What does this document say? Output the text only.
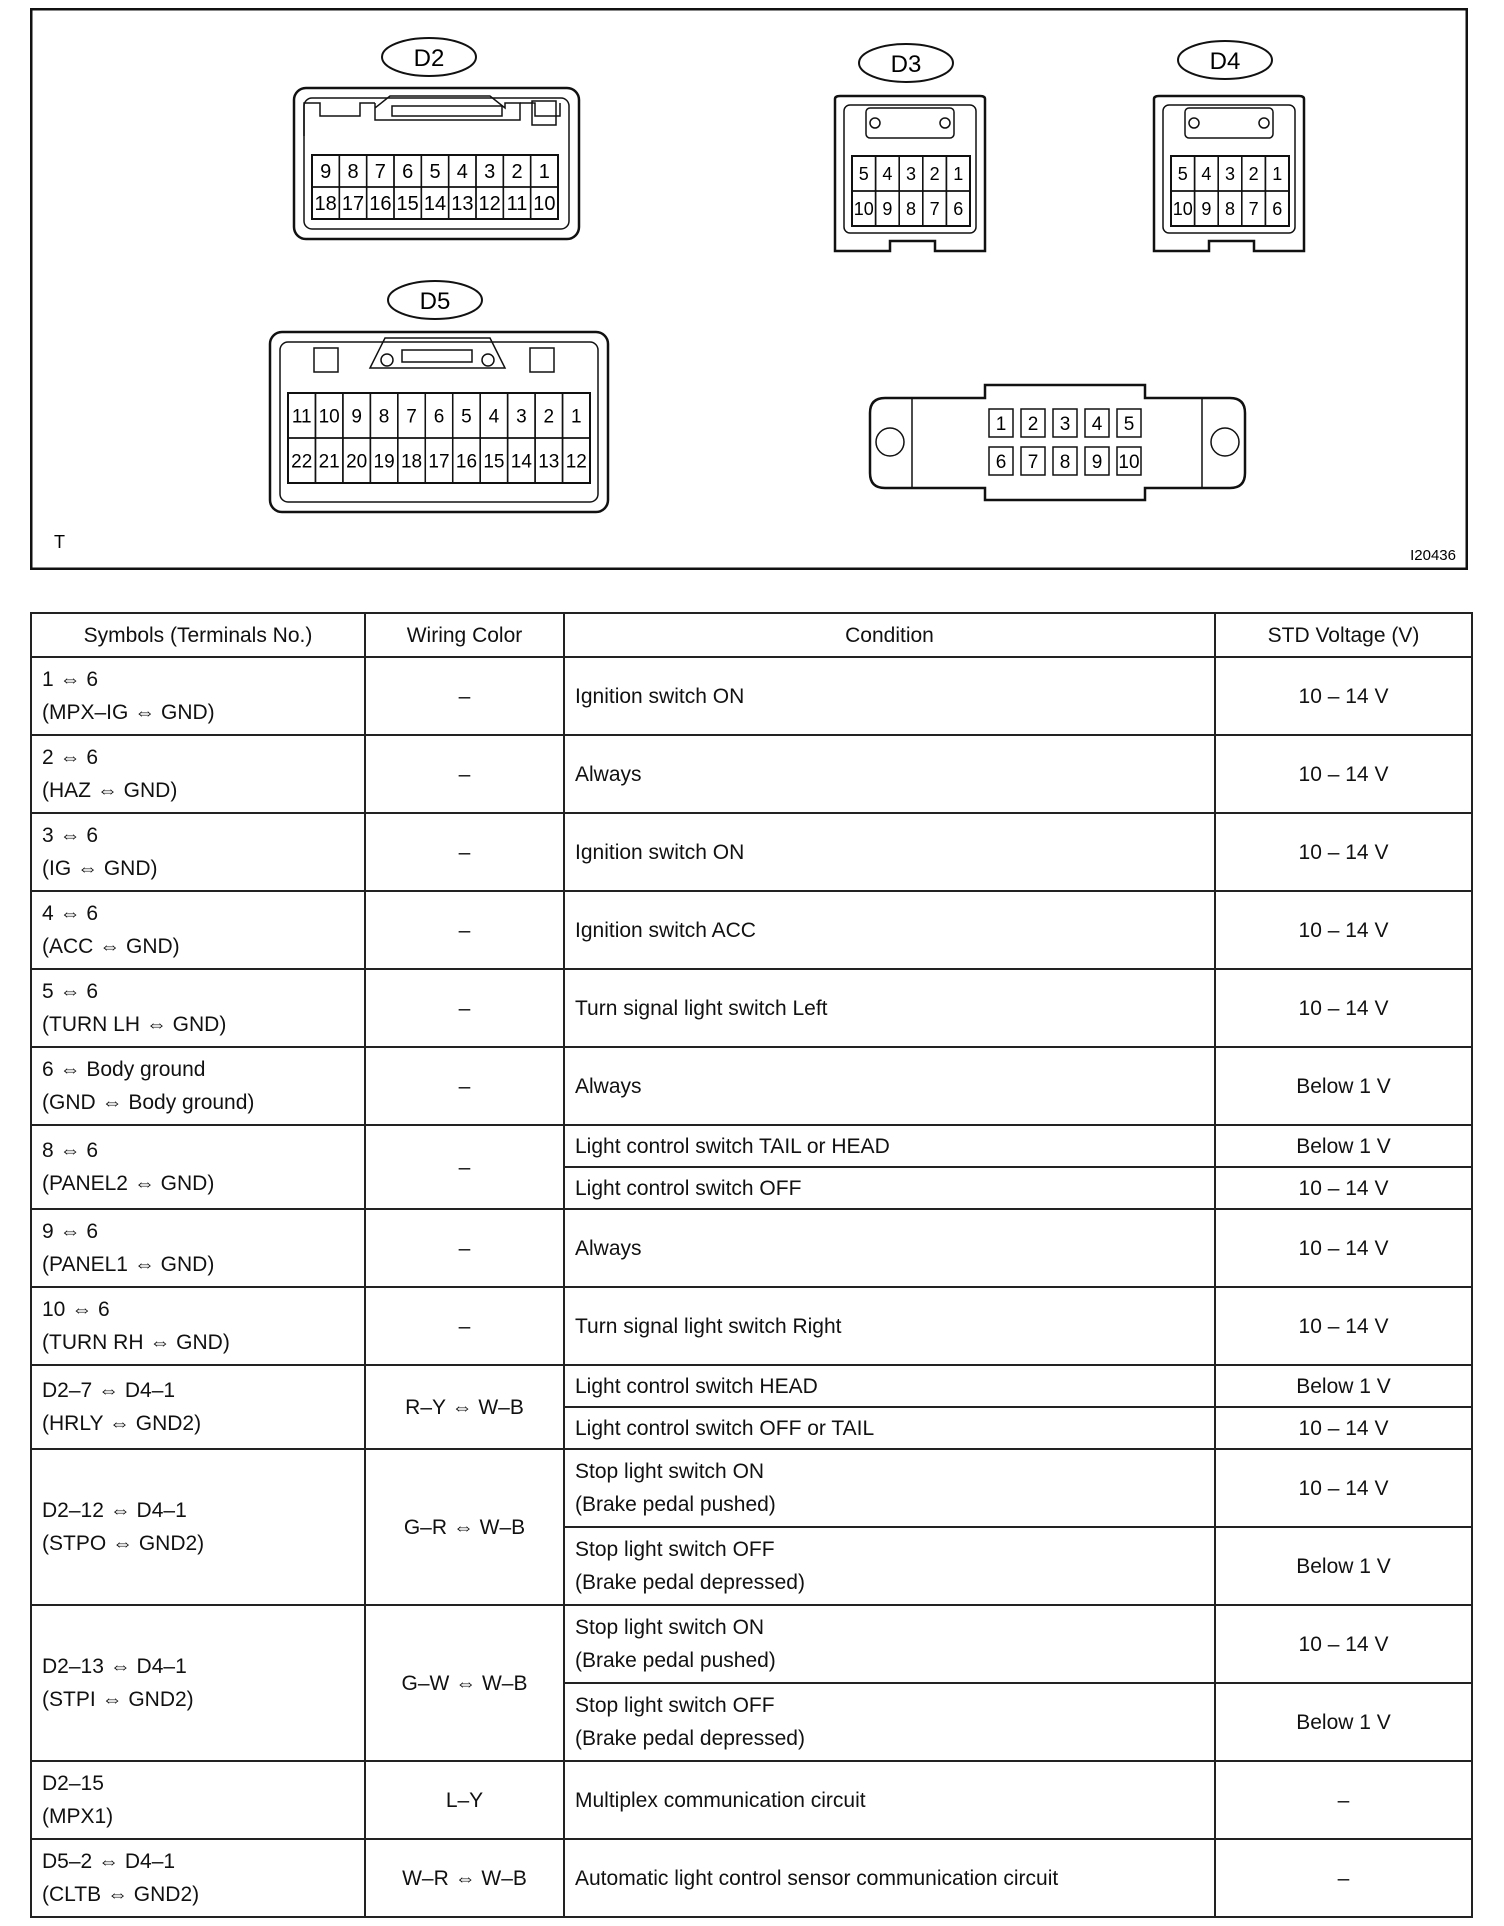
D2
9 8 7 6 5 4 3 2 1
18 17 16 15 14 13 12 11 10
D3
5 4 3 2 1
10 9 8 7 6
D4
5 4 3 2 1
10 9 8 7 6
D5
11 10 9 8 7 6 5 4 3 2 1
22 21 20 19 18 17 16 15 14 13 12
1 2 3 4 5
6 7 8 9 10
T
I20436
Symbols (Terminals No.)	Wiring Color	Condition	STD Voltage (V)

1 ⇔ 6
(MPX–IG ⇔ GND)	–	Ignition switch ON	10 – 14 V

2 ⇔ 6
(HAZ ⇔ GND)	–	Always	10 – 14 V

3 ⇔ 6
(IG ⇔ GND)	–	Ignition switch ON	10 – 14 V

4 ⇔ 6
(ACC ⇔ GND)	–	Ignition switch ACC	10 – 14 V

5 ⇔ 6
(TURN LH ⇔ GND)	–	Turn signal light switch Left	10 – 14 V

6 ⇔ Body ground
(GND ⇔ Body ground)	–	Always	Below 1 V

8 ⇔ 6
(PANEL2 ⇔ GND)	–	Light control switch TAIL or HEAD	Below 1 V

		Light control switch OFF	10 – 14 V

9 ⇔ 6
(PANEL1 ⇔ GND)	–	Always	10 – 14 V

10 ⇔ 6
(TURN RH ⇔ GND)	–	Turn signal light switch Right	10 – 14 V

D2–7 ⇔ D4–1
(HRLY ⇔ GND2)	R–Y ⇔ W–B	Light control switch HEAD	Below 1 V

		Light control switch OFF or TAIL	10 – 14 V

D2–12 ⇔ D4–1
(STPO ⇔ GND2)	G–R ⇔ W–B	Stop light switch ON
(Brake pedal pushed)	10 – 14 V

		Stop light switch OFF
(Brake pedal depressed)	Below 1 V

D2–13 ⇔ D4–1
(STPI ⇔ GND2)	G–W ⇔ W–B	Stop light switch ON
(Brake pedal pushed)	10 – 14 V

		Stop light switch OFF
(Brake pedal depressed)	Below 1 V

D2–15
(MPX1)	L–Y	Multiplex communication circuit	–

D5–2 ⇔ D4–1
(CLTB ⇔ GND2)	W–R ⇔ W–B	Automatic light control sensor communication circuit	–
